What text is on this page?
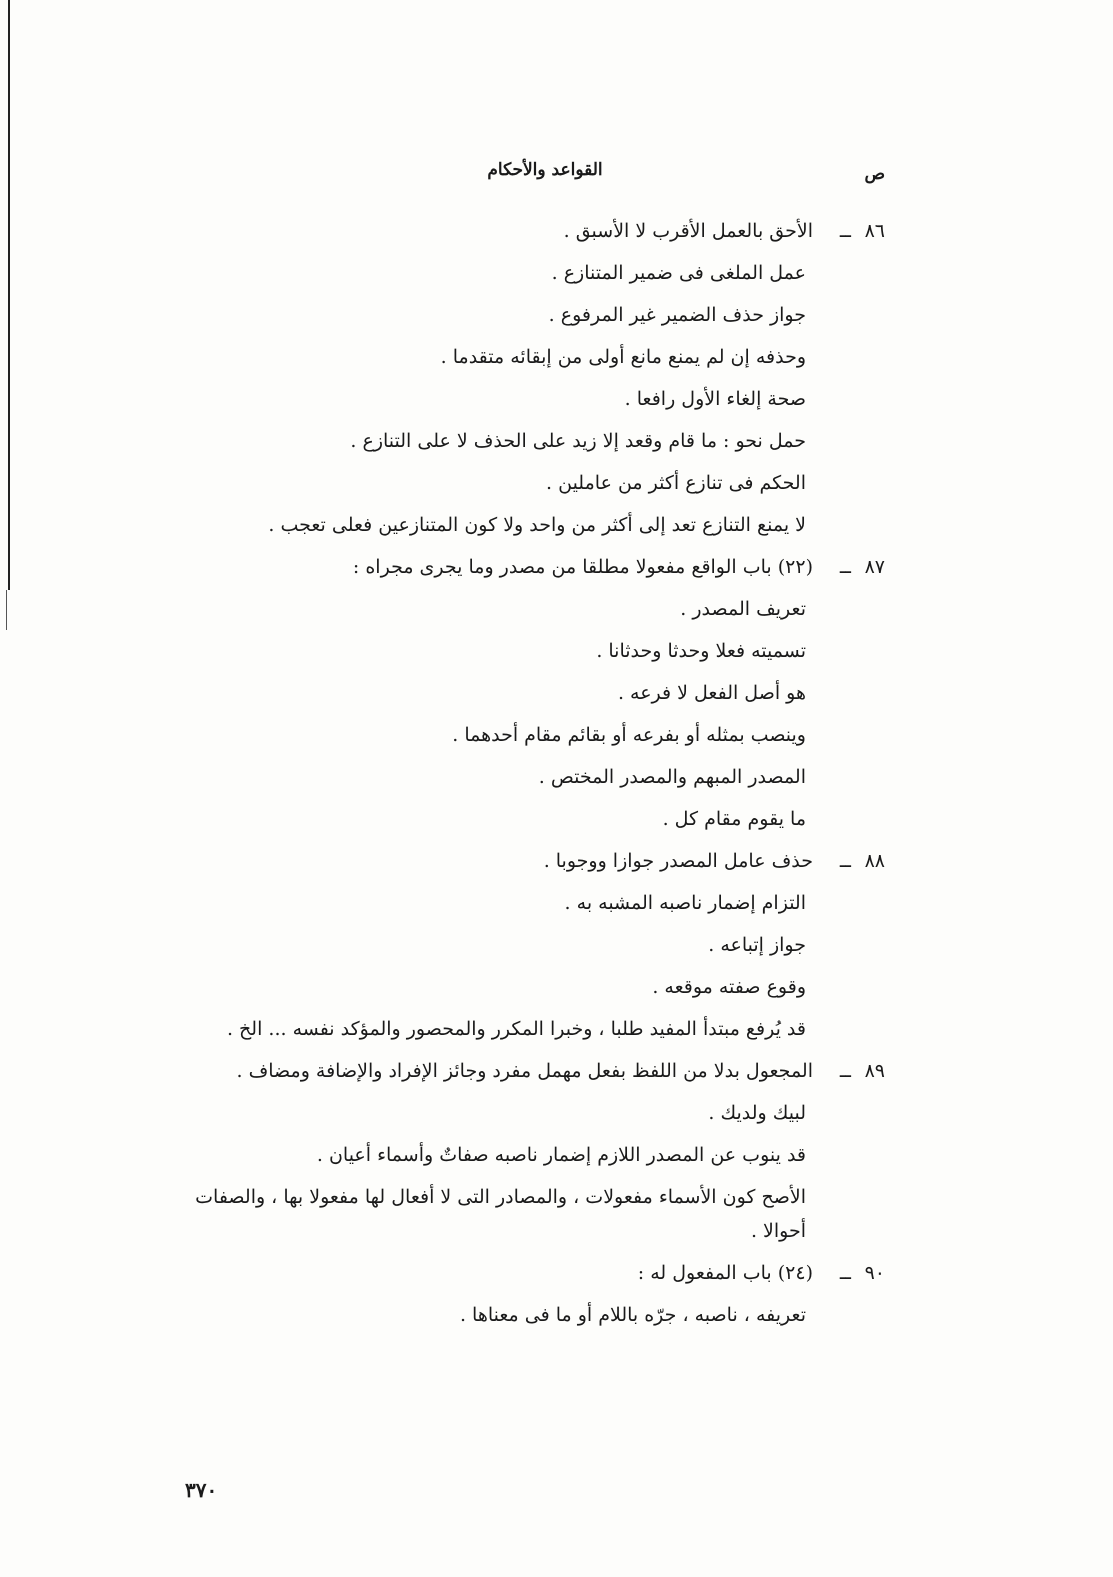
القواعد والأحكام	ص
٨٦
ــ
الأحق بالعمل الأقرب لا الأسبق .
عمل الملغى فى ضمير المتنازع .
جواز حذف الضمير غير المرفوع .
وحذفه إن لم يمنع مانع أولى من إبقائه متقدما .
صحة إلغاء الأول رافعا .
حمل نحو : ما قام وقعد إلا زيد على الحذف لا على التنازع .
الحكم فى تنازع أكثر من عاملين .
لا يمنع التنازع تعد إلى أكثر من واحد ولا كون المتنازعين فعلى تعجب .
٨٧
ــ
(٢٢) باب الواقع مفعولا مطلقا من مصدر وما يجرى مجراه :
تعريف المصدر .
تسميته فعلا وحدثا وحدثانا .
هو أصل الفعل لا فرعه .
وينصب بمثله أو بفرعه أو بقائم مقام أحدهما .
المصدر المبهم والمصدر المختص .
ما يقوم مقام كل .
٨٨
ــ
حذف عامل المصدر جوازا ووجوبا .
التزام إضمار ناصبه المشبه به .
جواز إتباعه .
وقوع صفته موقعه .
قد يُرفع مبتدأ المفيد طلبا ، وخبرا المكرر والمحصور والمؤكد نفسه ... الخ .
٨٩
ــ
المجعول بدلا من اللفظ بفعل مهمل مفرد وجائز الإفراد والإضافة ومضاف .
لبيك ولديك .
قد ينوب عن المصدر اللازم إضمار ناصبه صفاتٌ وأسماء أعيان .
الأصح كون الأسماء مفعولات ، والمصادر التى لا أفعال لها مفعولا بها ، والصفات أحوالا .
٩٠
ــ
(٢٤) باب المفعول له :
تعريفه ، ناصبه ، جرّه باللام أو ما فى معناها .
٣٧٠
